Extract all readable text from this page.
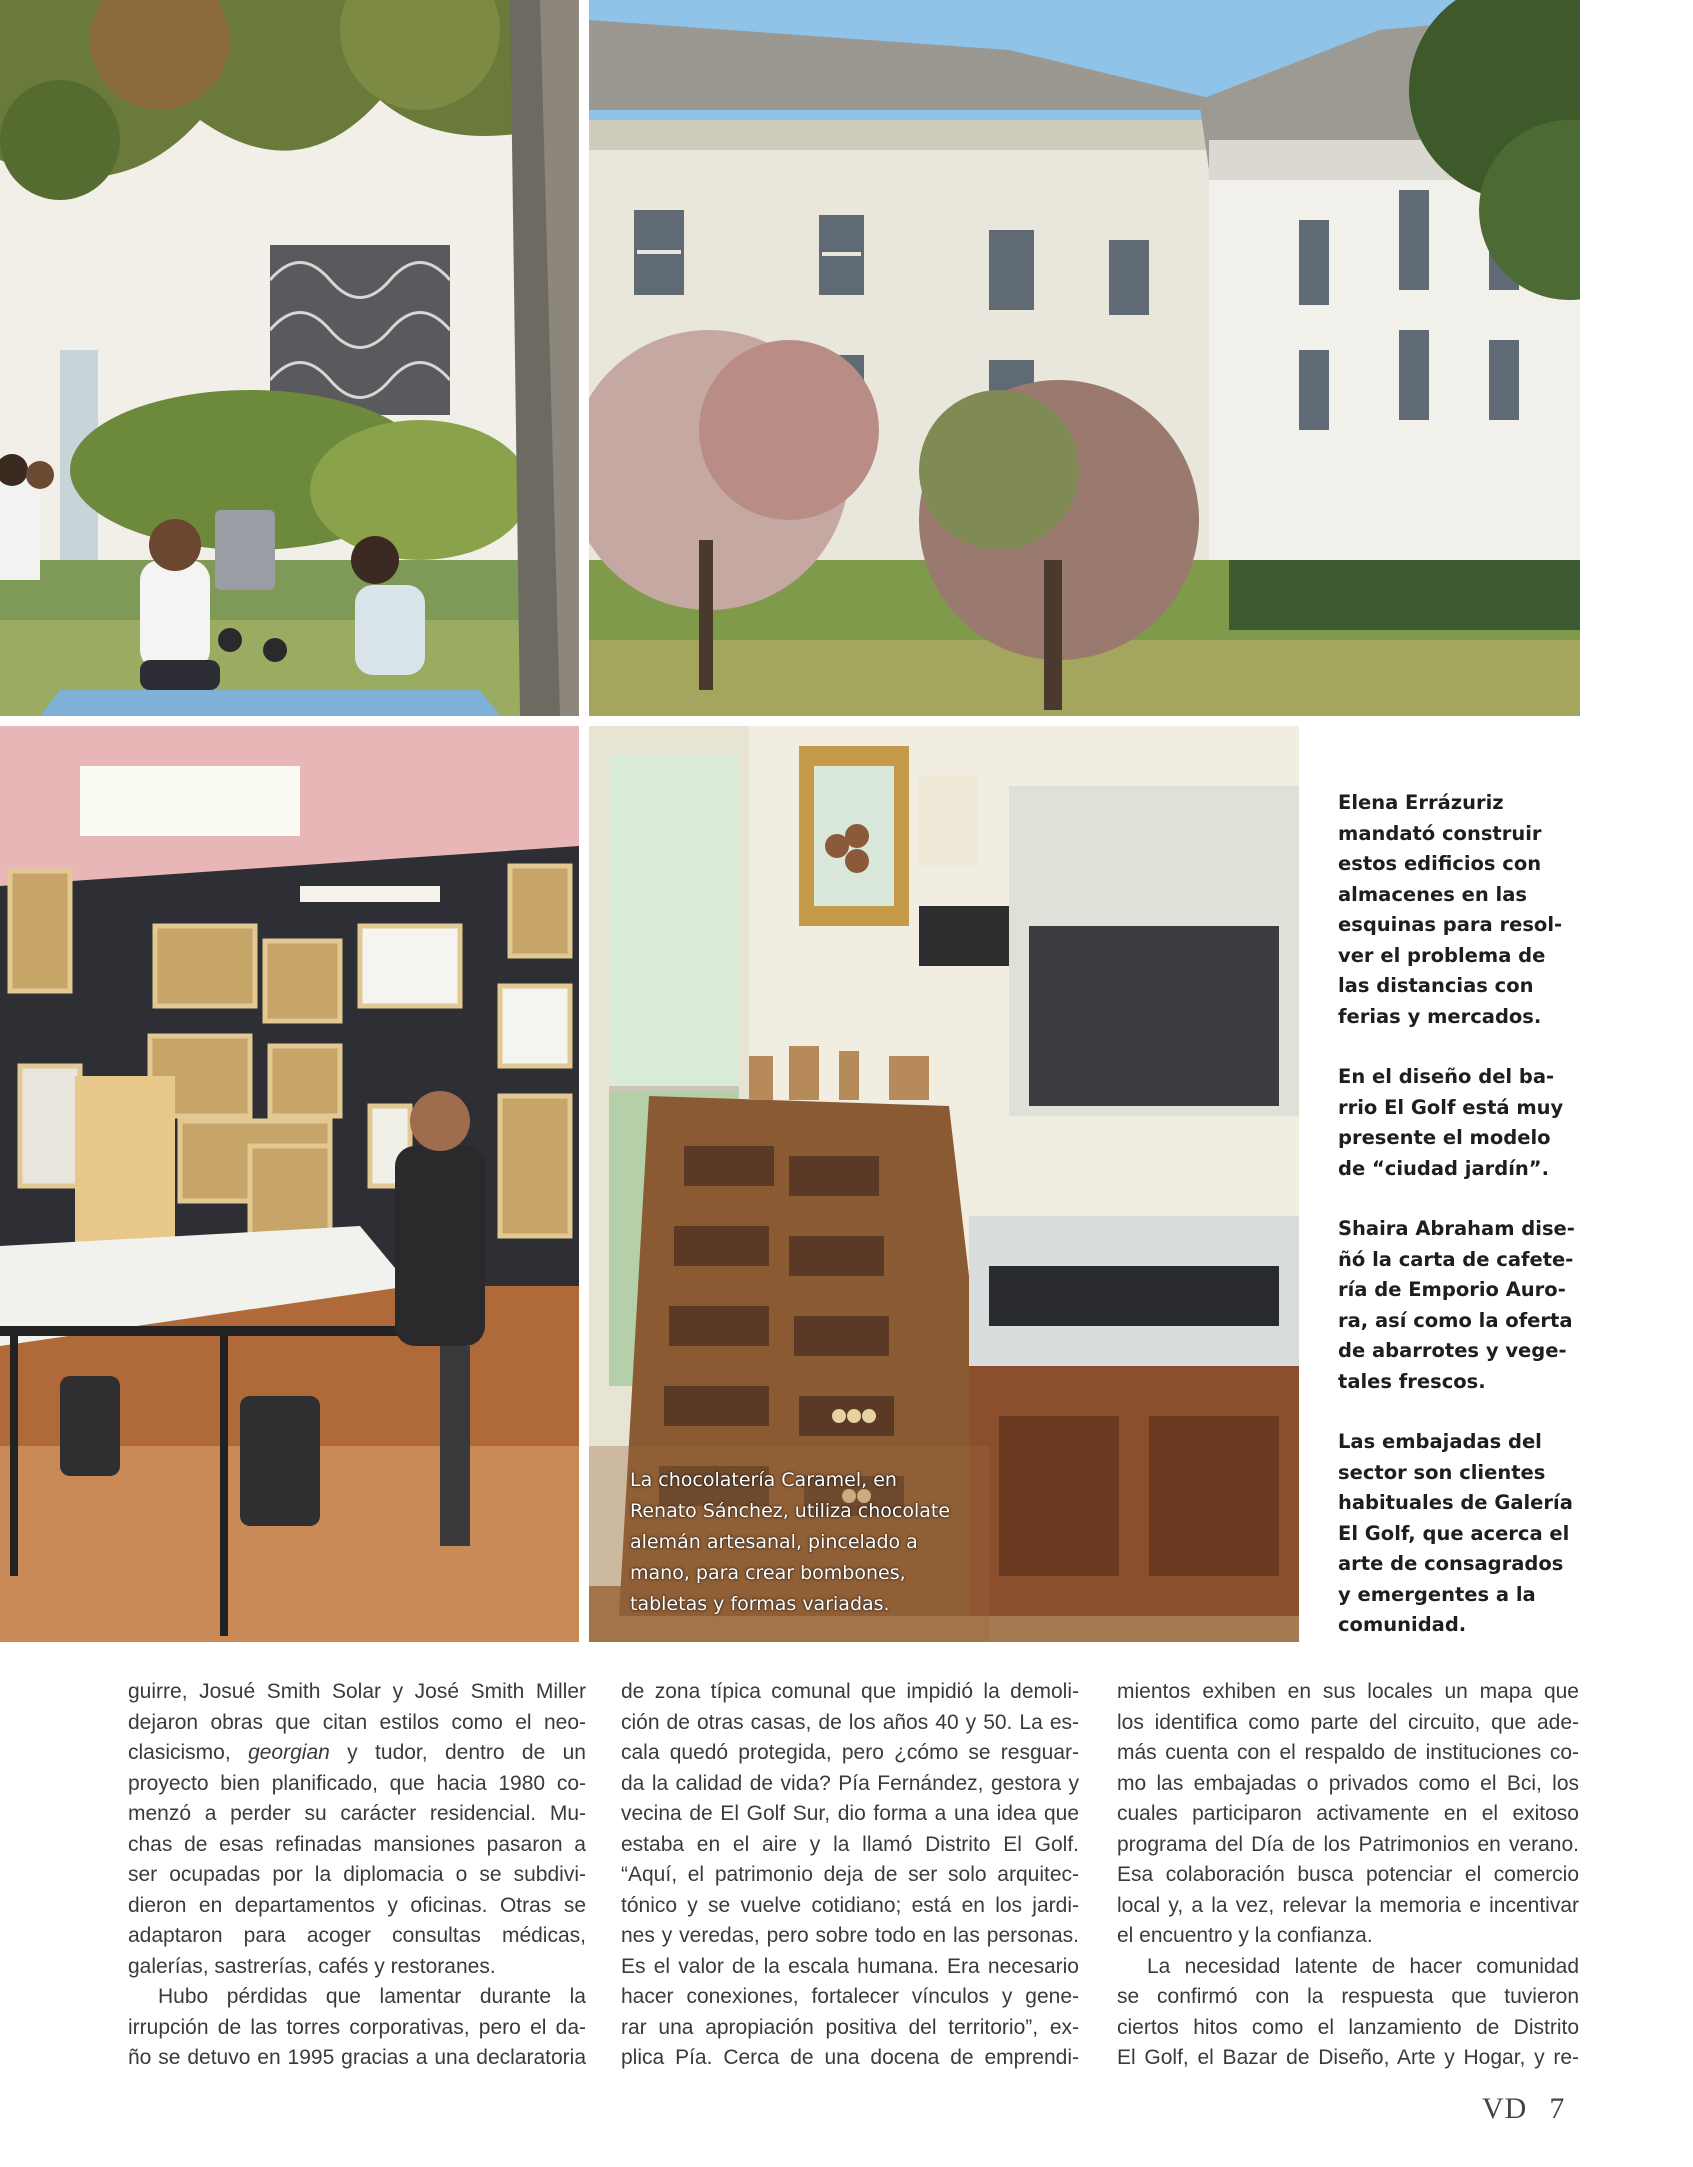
La chocolatería Caramel, en
Renato Sánchez, utiliza chocolate
alemán artesanal, pincelado a
mano, para crear bombones,
tabletas y formas variadas.

Elena Errázuriz
mandató construir
estos edificios con
almacenes en las
esquinas para resol-
ver el problema de
las distancias con
ferias y mercados.

En el diseño del ba-
rrio El Golf está muy
presente el modelo
de “ciudad jardín”.

Shaira Abraham dise-
ñó la carta de cafete-
ría de Emporio Auro-
ra, así como la oferta
de abarrotes y vege-
tales frescos.

Las embajadas del
sector son clientes
habituales de Galería
El Golf, que acerca el
arte de consagrados
y emergentes a la
comunidad.

guirre, Josué Smith Solar y José Smith Miller
dejaron obras que citan estilos como el neo-
clasicismo, georgian y tudor, dentro de un
proyecto bien planificado, que hacia 1980 co-
menzó a perder su carácter residencial. Mu-
chas de esas refinadas mansiones pasaron a
ser ocupadas por la diplomacia o se subdivi-
dieron en departamentos y oficinas. Otras se
adaptaron para acoger consultas médicas,
galerías, sastrerías, cafés y restoranes.
Hubo pérdidas que lamentar durante la
irrupción de las torres corporativas, pero el da-
ño se detuvo en 1995 gracias a una declaratoria
de zona típica comunal que impidió la demoli-
ción de otras casas, de los años 40 y 50. La es-
cala quedó protegida, pero ¿cómo se resguar-
da la calidad de vida? Pía Fernández, gestora y
vecina de El Golf Sur, dio forma a una idea que
estaba en el aire y la llamó Distrito El Golf.
“Aquí, el patrimonio deja de ser solo arquitec-
tónico y se vuelve cotidiano; está en los jardi-
nes y veredas, pero sobre todo en las personas.
Es el valor de la escala humana. Era necesario
hacer conexiones, fortalecer vínculos y gene-
rar una apropiación positiva del territorio”, ex-
plica Pía. Cerca de una docena de emprendi-
mientos exhiben en sus locales un mapa que
los identifica como parte del circuito, que ade-
más cuenta con el respaldo de instituciones co-
mo las embajadas o privados como el Bci, los
cuales participaron activamente en el exitoso
programa del Día de los Patrimonios en verano.
Esa colaboración busca potenciar el comercio
local y, a la vez, relevar la memoria e incentivar
el encuentro y la confianza.
La necesidad latente de hacer comunidad
se confirmó con la respuesta que tuvieron
ciertos hitos como el lanzamiento de Distrito
El Golf, el Bazar de Diseño, Arte y Hogar, y re-
VD 7
